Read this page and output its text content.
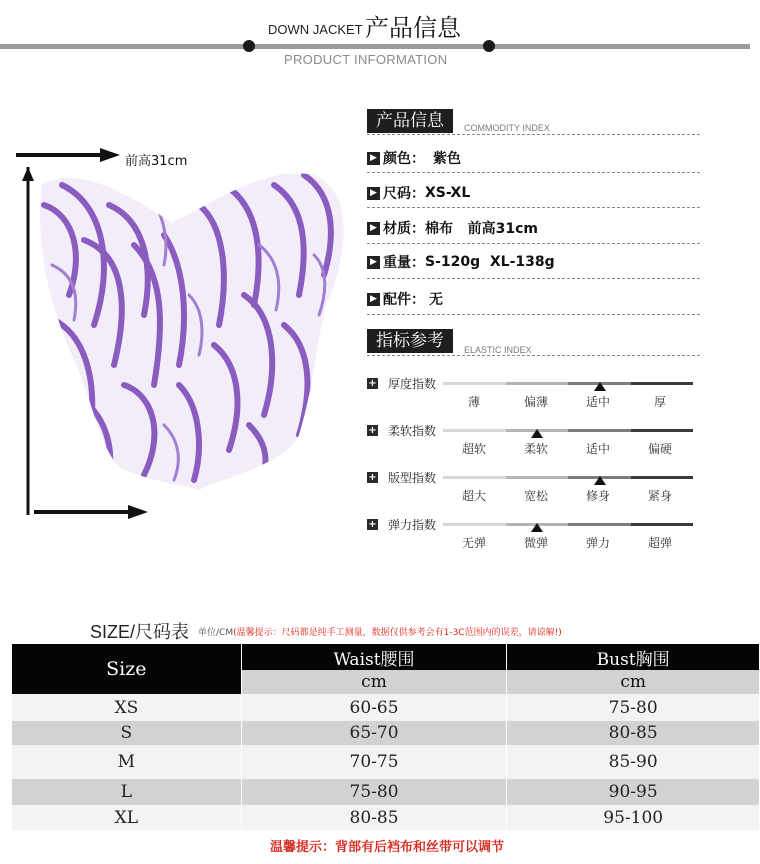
DOWN JACKET 产品信息
PRODUCT INFORMATION
前高31cm
产品信息	COMMODITY INDEX
▶ 颜色： 紫色
▶ 尺码： XS-XL
▶ 材质： 棉布   前高31cm
▶ 重量： S-120g  XL-138g
▶ 配件： 无
指标参考	ELASTIC INDEX
+ 厚度指数
薄	偏薄	适中	厚
+ 柔软指数
超软	柔软	适中	偏硬
+ 版型指数
超大	宽松	修身	紧身
+ 弹力指数
无弹	微弹	弹力	超弹
SIZE/尺码表 单位/CM(温馨提示：尺码都是纯手工测量，数据仅供参考会有1-3C范围内的误差，请谅解!)
Size	Waist腰围	Bust胸围
	cm	cm
XS	60-65	75-80
S	65-70	80-85
M	70-75	85-90
L	75-80	90-95
XL	80-85	95-100
温馨提示：背部有后裆布和丝带可以调节
